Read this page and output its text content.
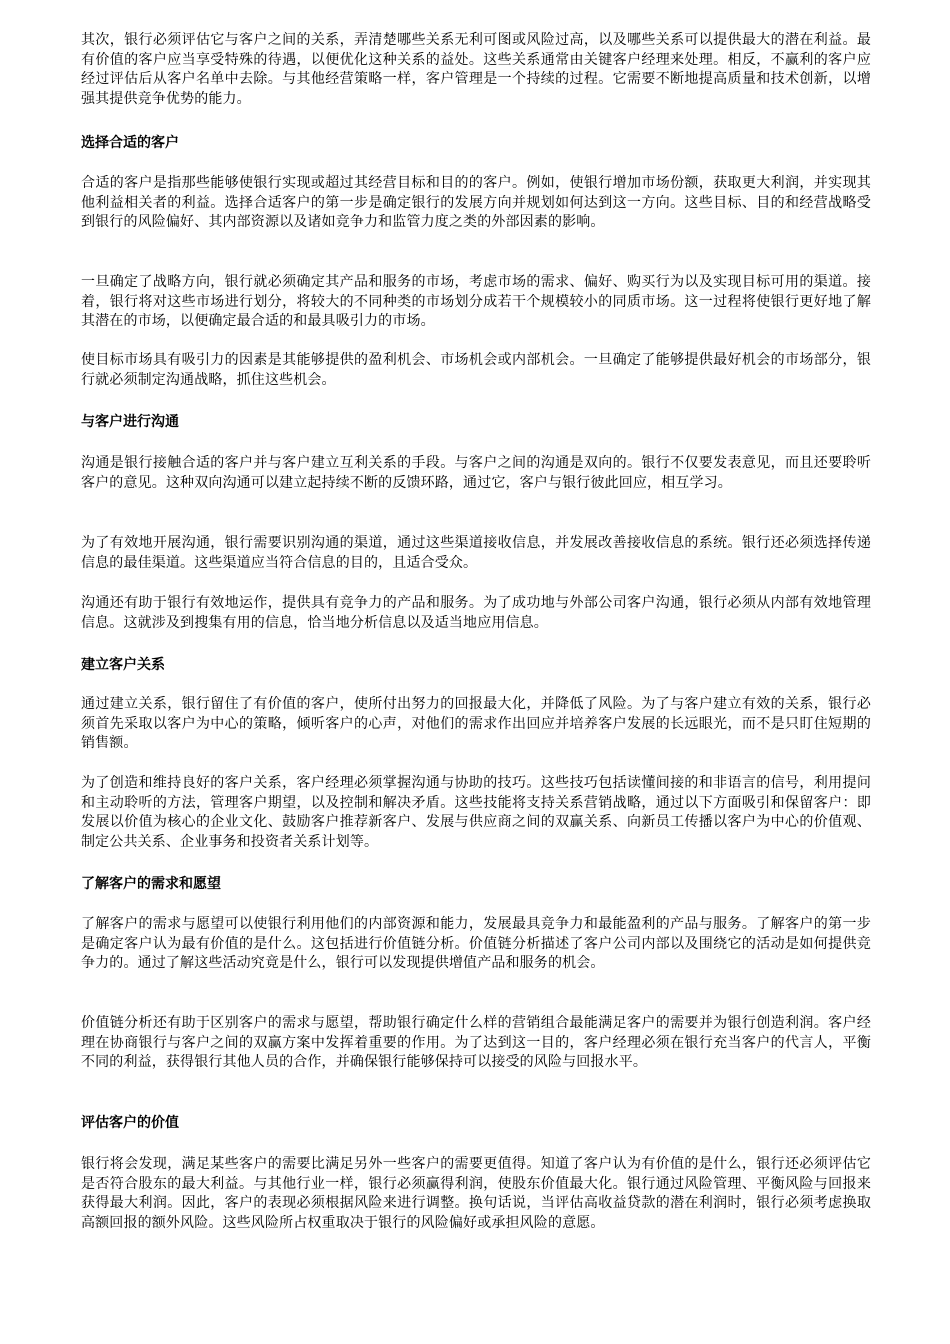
其次，银行必须评估它与客户之间的关系，弄清楚哪些关系无利可图或风险过高，以及哪些关系可以提供最大的潜在利益。最有价值的客户应当享受特殊的待遇，以便优化这种关系的益处。这些关系通常由关键客户经理来处理。相反，不赢利的客户应经过评估后从客户名单中去除。与其他经营策略一样，客户管理是一个持续的过程。它需要不断地提高质量和技术创新，以增强其提供竞争优势的能力。

选择合适的客户

合适的客户是指那些能够使银行实现或超过其经营目标和目的的客户。例如，使银行增加市场份额，获取更大利润，并实现其他利益相关者的利益。选择合适客户的第一步是确定银行的发展方向并规划如何达到这一方向。这些目标、目的和经营战略受到银行的风险偏好、其内部资源以及诸如竞争力和监管力度之类的外部因素的影响。

一旦确定了战略方向，银行就必须确定其产品和服务的市场，考虑市场的需求、偏好、购买行为以及实现目标可用的渠道。接着，银行将对这些市场进行划分，将较大的不同种类的市场划分成若干个规模较小的同质市场。这一过程将使银行更好地了解其潜在的市场，以便确定最合适的和最具吸引力的市场。

使目标市场具有吸引力的因素是其能够提供的盈利机会、市场机会或内部机会。一旦确定了能够提供最好机会的市场部分，银行就必须制定沟通战略，抓住这些机会。

与客户进行沟通

沟通是银行接触合适的客户并与客户建立互利关系的手段。与客户之间的沟通是双向的。银行不仅要发表意见，而且还要聆听客户的意见。这种双向沟通可以建立起持续不断的反馈环路，通过它，客户与银行彼此回应，相互学习。

为了有效地开展沟通，银行需要识别沟通的渠道，通过这些渠道接收信息，并发展改善接收信息的系统。银行还必须选择传递信息的最佳渠道。这些渠道应当符合信息的目的，且适合受众。

沟通还有助于银行有效地运作，提供具有竞争力的产品和服务。为了成功地与外部公司客户沟通，银行必须从内部有效地管理信息。这就涉及到搜集有用的信息，恰当地分析信息以及适当地应用信息。

建立客户关系

通过建立关系，银行留住了有价值的客户，使所付出努力的回报最大化，并降低了风险。为了与客户建立有效的关系，银行必须首先采取以客户为中心的策略，倾听客户的心声，对他们的需求作出回应并培养客户发展的长远眼光，而不是只盯住短期的销售额。

为了创造和维持良好的客户关系，客户经理必须掌握沟通与协助的技巧。这些技巧包括读懂间接的和非语言的信号，利用提问和主动聆听的方法，管理客户期望，以及控制和解决矛盾。这些技能将支持关系营销战略，通过以下方面吸引和保留客户：即发展以价值为核心的企业文化、鼓励客户推荐新客户、发展与供应商之间的双赢关系、向新员工传播以客户为中心的价值观、制定公共关系、企业事务和投资者关系计划等。

了解客户的需求和愿望

了解客户的需求与愿望可以使银行利用他们的内部资源和能力，发展最具竞争力和最能盈利的产品与服务。了解客户的第一步是确定客户认为最有价值的是什么。这包括进行价值链分析。价值链分析描述了客户公司内部以及围绕它的活动是如何提供竞争力的。通过了解这些活动究竟是什么，银行可以发现提供增值产品和服务的机会。

价值链分析还有助于区别客户的需求与愿望，帮助银行确定什么样的营销组合最能满足客户的需要并为银行创造利润。客户经理在协商银行与客户之间的双赢方案中发挥着重要的作用。为了达到这一目的，客户经理必须在银行充当客户的代言人，平衡不同的利益，获得银行其他人员的合作，并确保银行能够保持可以接受的风险与回报水平。

评估客户的价值

银行将会发现，满足某些客户的需要比满足另外一些客户的需要更值得。知道了客户认为有价值的是什么，银行还必须评估它是否符合股东的最大利益。与其他行业一样，银行必须赢得利润，使股东价值最大化。银行通过风险管理、平衡风险与回报来获得最大利润。因此，客户的表现必须根据风险来进行调整。换句话说，当评估高收益贷款的潜在利润时，银行必须考虑换取高额回报的额外风险。这些风险所占权重取决于银行的风险偏好或承担风险的意愿。
